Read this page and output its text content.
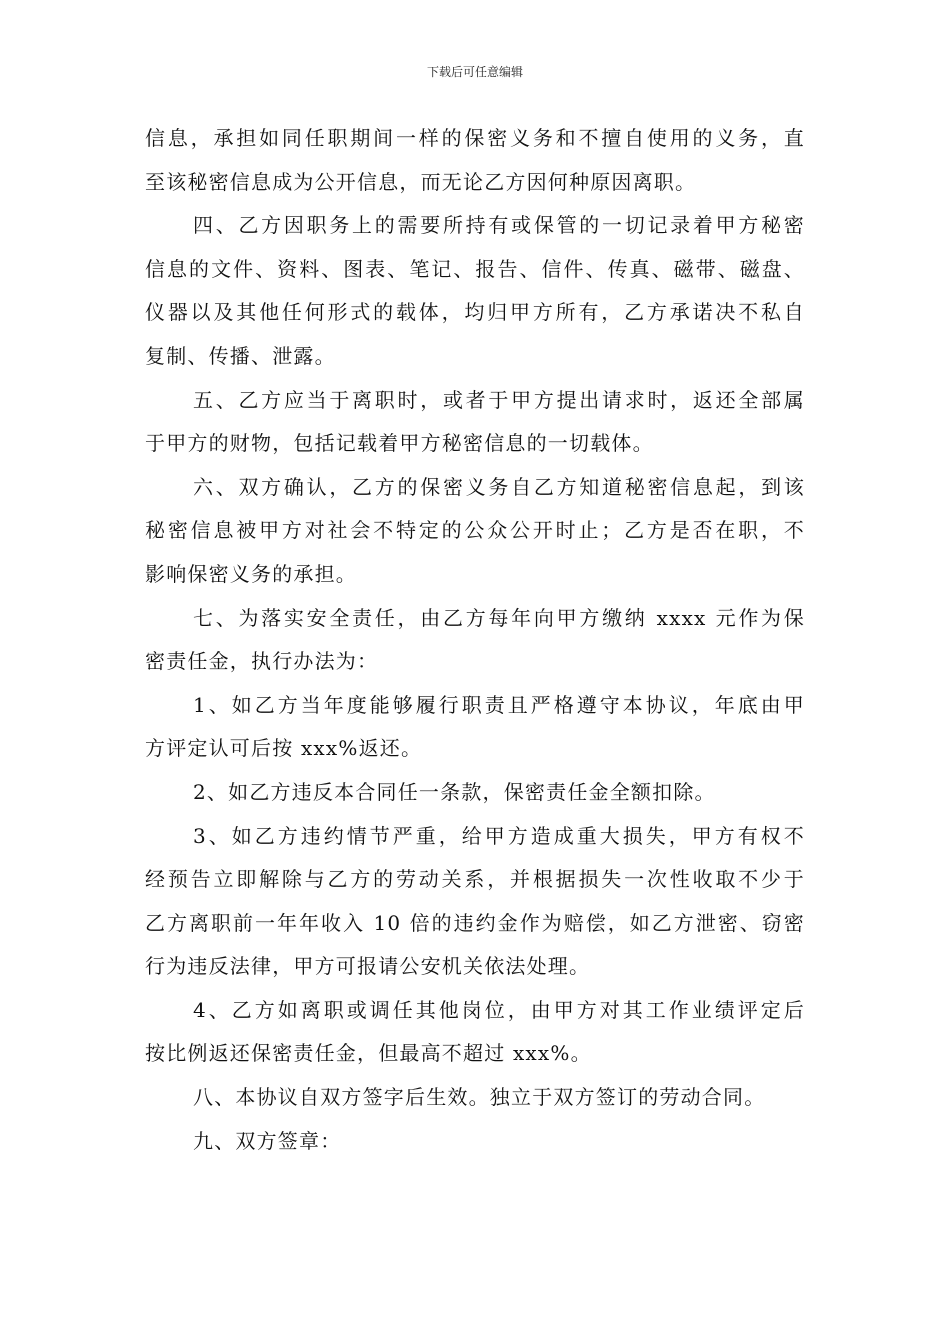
下载后可任意编辑
信息，承担如同任职期间一样的保密义务和不擅自使用的义务，直
至该秘密信息成为公开信息，而无论乙方因何种原因离职。
四、乙方因职务上的需要所持有或保管的一切记录着甲方秘密
信息的文件、资料、图表、笔记、报告、信件、传真、磁带、磁盘、
仪器以及其他任何形式的载体，均归甲方所有，乙方承诺决不私自
复制、传播、泄露。
五、乙方应当于离职时，或者于甲方提出请求时，返还全部属
于甲方的财物，包括记载着甲方秘密信息的一切载体。
六、双方确认，乙方的保密义务自乙方知道秘密信息起，到该
秘密信息被甲方对社会不特定的公众公开时止；乙方是否在职，不
影响保密义务的承担。
七、为落实安全责任，由乙方每年向甲方缴纳 xxxx 元作为保
密责任金，执行办法为：
1、如乙方当年度能够履行职责且严格遵守本协议，年底由甲
方评定认可后按 xxx%返还。
2、如乙方违反本合同任一条款，保密责任金全额扣除。
3、如乙方违约情节严重，给甲方造成重大损失，甲方有权不
经预告立即解除与乙方的劳动关系，并根据损失一次性收取不少于
乙方离职前一年年收入 10 倍的违约金作为赔偿，如乙方泄密、窃密
行为违反法律，甲方可报请公安机关依法处理。
4、乙方如离职或调任其他岗位，由甲方对其工作业绩评定后
按比例返还保密责任金，但最高不超过 xxx%。
八、本协议自双方签字后生效。独立于双方签订的劳动合同。
九、双方签章：
